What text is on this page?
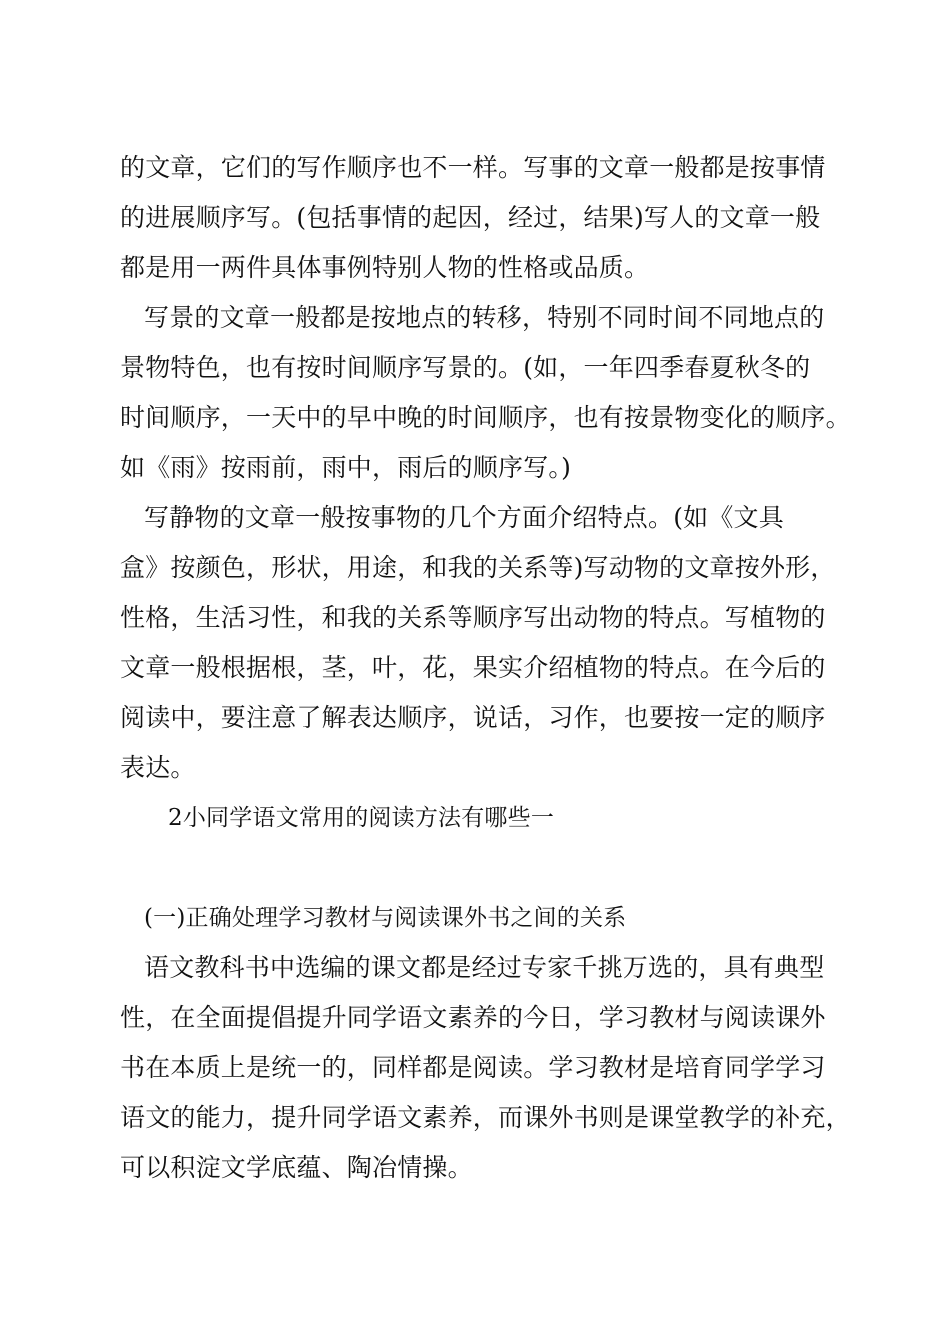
的文章，它们的写作顺序也不一样。写事的文章一般都是按事情
的进展顺序写。(包括事情的起因，经过，结果)写人的文章一般
都是用一两件具体事例特别人物的性格或品质。
写景的文章一般都是按地点的转移，特别不同时间不同地点的
景物特色，也有按时间顺序写景的。(如，一年四季春夏秋冬的
时间顺序，一天中的早中晚的时间顺序，也有按景物变化的顺序。
如《雨》按雨前，雨中，雨后的顺序写。)
写静物的文章一般按事物的几个方面介绍特点。(如《文具
盒》按颜色，形状，用途，和我的关系等)写动物的文章按外形，
性格，生活习性，和我的关系等顺序写出动物的特点。写植物的
文章一般根据根，茎，叶，花，果实介绍植物的特点。在今后的
阅读中，要注意了解表达顺序，说话，习作，也要按一定的顺序
表达。
2小同学语文常用的阅读方法有哪些一
(一)正确处理学习教材与阅读课外书之间的关系
语文教科书中选编的课文都是经过专家千挑万选的，具有典型
性，在全面提倡提升同学语文素养的今日，学习教材与阅读课外
书在本质上是统一的，同样都是阅读。学习教材是培育同学学习
语文的能力，提升同学语文素养，而课外书则是课堂教学的补充，
可以积淀文学底蕴、陶冶情操。
